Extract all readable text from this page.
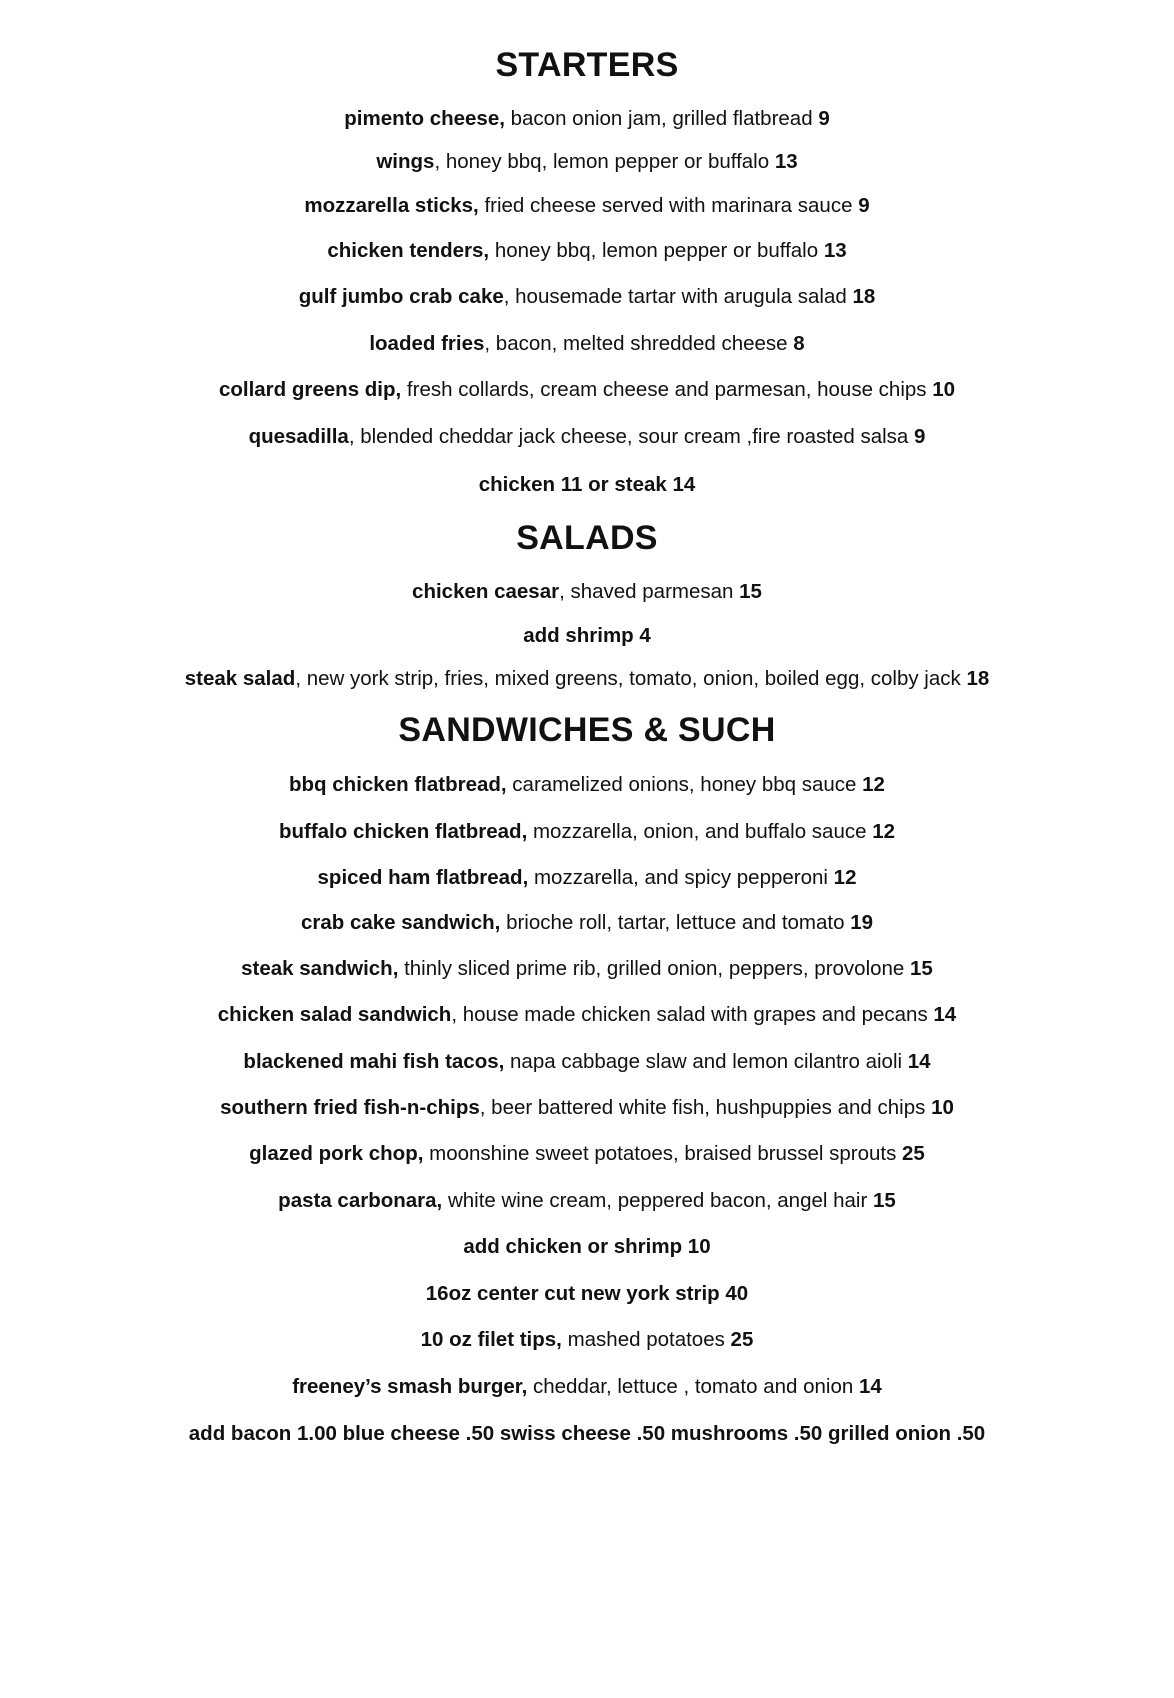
STARTERS
pimento cheese, bacon onion jam, grilled flatbread 9
wings, honey bbq, lemon pepper or buffalo 13
mozzarella sticks, fried cheese served with marinara sauce 9
chicken tenders, honey bbq, lemon pepper or buffalo 13
gulf jumbo crab cake, housemade tartar with arugula salad 18
loaded fries, bacon, melted shredded cheese 8
collard greens dip, fresh collards, cream cheese and parmesan, house chips 10
quesadilla, blended cheddar jack cheese, sour cream ,fire roasted salsa 9
chicken 11 or steak 14
SALADS
chicken caesar, shaved parmesan 15
add shrimp 4
steak salad, new york strip, fries, mixed greens, tomato, onion, boiled egg, colby jack 18
SANDWICHES & SUCH
bbq chicken flatbread, caramelized onions, honey bbq sauce 12
buffalo chicken flatbread, mozzarella, onion, and buffalo sauce 12
spiced ham flatbread, mozzarella, and spicy pepperoni 12
crab cake sandwich, brioche roll, tartar, lettuce and tomato 19
steak sandwich, thinly sliced prime rib, grilled onion, peppers, provolone 15
chicken salad sandwich, house made chicken salad with grapes and pecans 14
blackened mahi fish tacos, napa cabbage slaw and lemon cilantro aioli 14
southern fried fish-n-chips, beer battered white fish, hushpuppies and chips 10
glazed pork chop, moonshine sweet potatoes, braised brussel sprouts 25
pasta carbonara, white wine cream, peppered bacon, angel hair 15
add chicken or shrimp 10
16oz center cut new york strip 40
10 oz filet tips, mashed potatoes 25
freeney’s smash burger, cheddar, lettuce , tomato and onion 14
add bacon 1.00 blue cheese .50 swiss cheese .50 mushrooms .50 grilled onion .50
